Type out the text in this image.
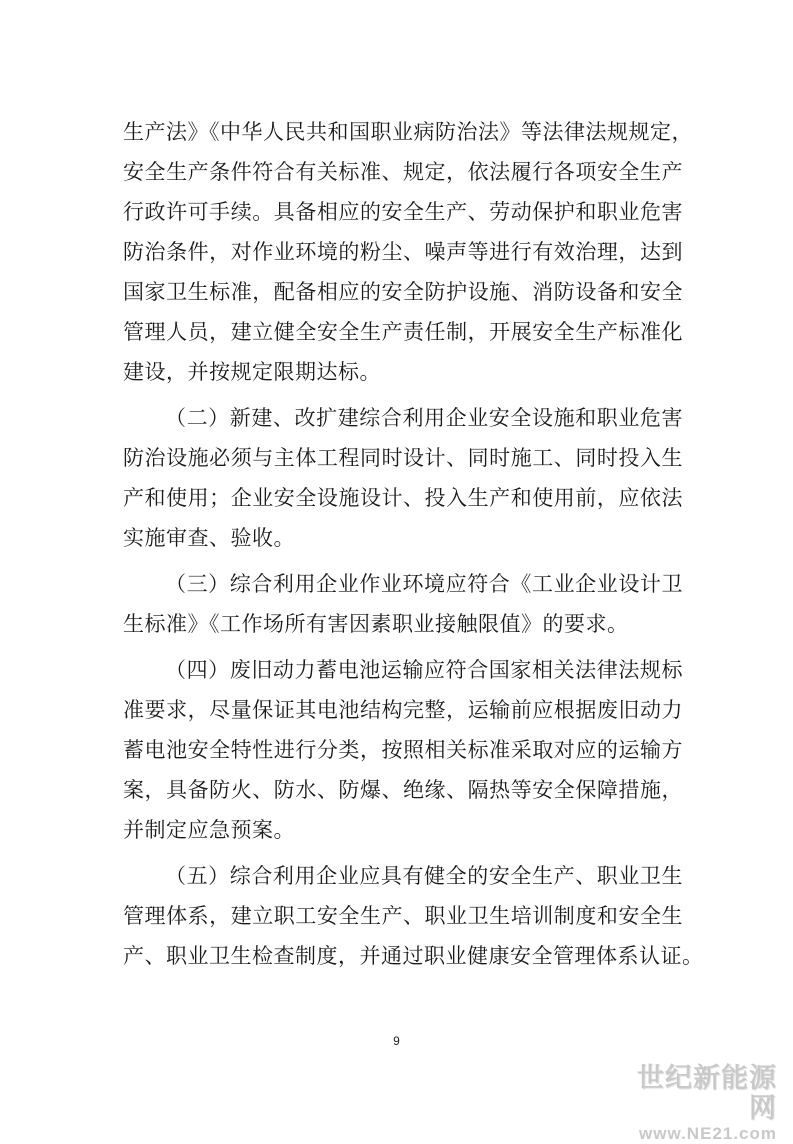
生产法》《中华人民共和国职业病防治法》等法律法规规定，
安全生产条件符合有关标准、规定，依法履行各项安全生产
行政许可手续。具备相应的安全生产、劳动保护和职业危害
防治条件，对作业环境的粉尘、噪声等进行有效治理，达到
国家卫生标准，配备相应的安全防护设施、消防设备和安全
管理人员，建立健全安全生产责任制，开展安全生产标准化
建设，并按规定限期达标。
（二）新建、改扩建综合利用企业安全设施和职业危害
防治设施必须与主体工程同时设计、同时施工、同时投入生
产和使用；企业安全设施设计、投入生产和使用前，应依法
实施审查、验收。
（三）综合利用企业作业环境应符合《工业企业设计卫
生标准》《工作场所有害因素职业接触限值》的要求。
（四）废旧动力蓄电池运输应符合国家相关法律法规标
准要求，尽量保证其电池结构完整，运输前应根据废旧动力
蓄电池安全特性进行分类，按照相关标准采取对应的运输方
案，具备防火、防水、防爆、绝缘、隔热等安全保障措施，
并制定应急预案。
（五）综合利用企业应具有健全的安全生产、职业卫生
管理体系，建立职工安全生产、职业卫生培训制度和安全生
产、职业卫生检查制度，并通过职业健康安全管理体系认证。
9
世纪新能源网
www.NE21.com
